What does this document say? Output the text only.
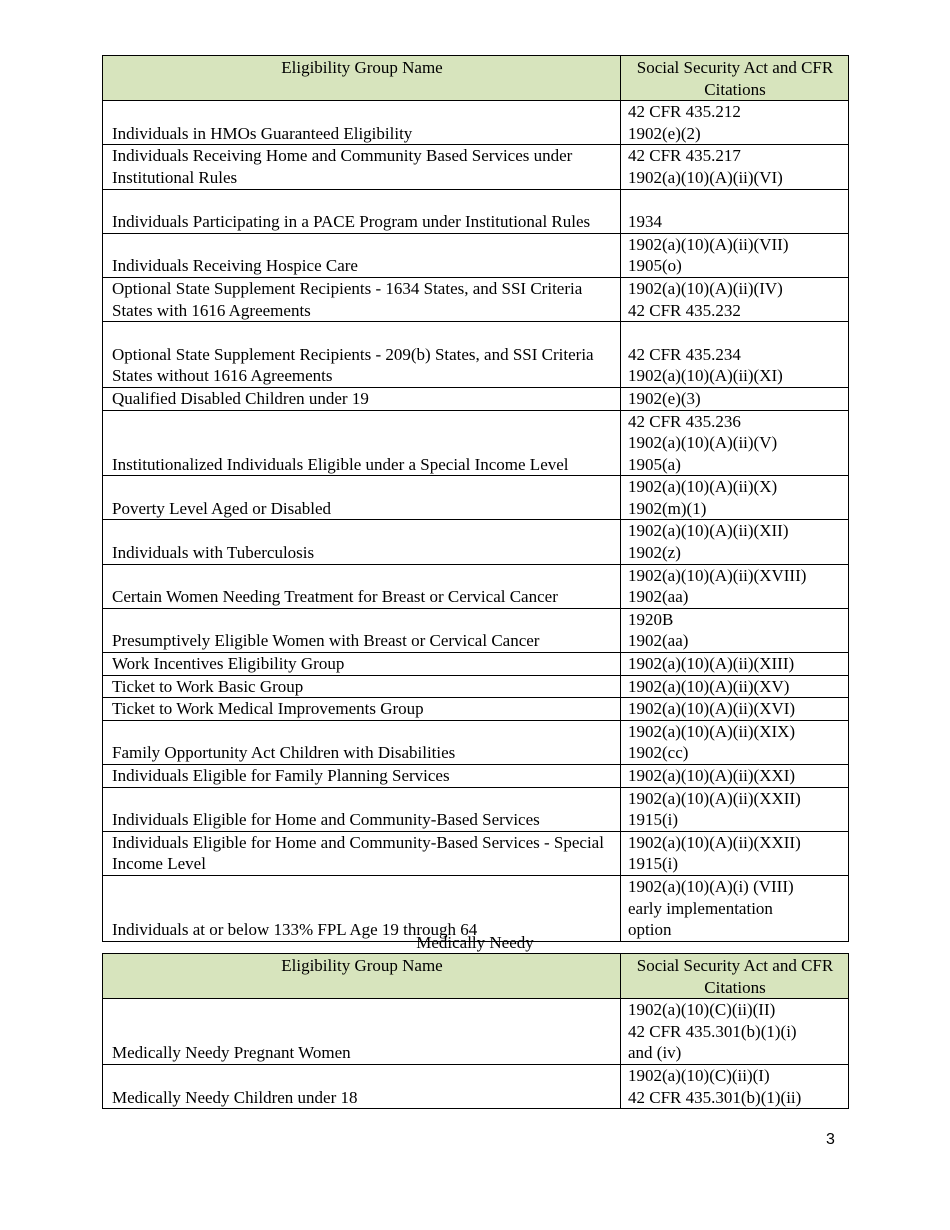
Eligibility Group Name	Social Security Act and CFR Citations
Individuals in HMOs Guaranteed Eligibility	42 CFR 435.212
1902(e)(2)

Individuals Receiving Home and Community Based Services under Institutional Rules	42 CFR 435.217
1902(a)(10)(A)(ii)(VI)

Individuals Participating in a PACE Program under Institutional Rules	1934

Individuals Receiving Hospice Care	1902(a)(10)(A)(ii)(VII)
1905(o)

Optional State Supplement Recipients - 1634 States, and SSI Criteria States with 1616 Agreements	1902(a)(10)(A)(ii)(IV)
42 CFR 435.232

Optional State Supplement Recipients - 209(b) States, and SSI Criteria States without 1616 Agreements	42 CFR 435.234
1902(a)(10)(A)(ii)(XI)

Qualified Disabled Children under 19	1902(e)(3)

Institutionalized Individuals Eligible under a Special Income Level	42 CFR 435.236
1902(a)(10)(A)(ii)(V)
1905(a)

Poverty Level Aged or Disabled	1902(a)(10)(A)(ii)(X)
1902(m)(1)

Individuals with Tuberculosis	1902(a)(10)(A)(ii)(XII)
1902(z)

Certain Women Needing Treatment for Breast or Cervical Cancer	1902(a)(10)(A)(ii)(XVIII)
1902(aa)

Presumptively Eligible Women with Breast or Cervical Cancer	1920B
1902(aa)

Work Incentives Eligibility Group	1902(a)(10)(A)(ii)(XIII)

Ticket to Work Basic Group	1902(a)(10)(A)(ii)(XV)

Ticket to Work Medical Improvements Group	1902(a)(10)(A)(ii)(XVI)

Family Opportunity Act Children with Disabilities	1902(a)(10)(A)(ii)(XIX)
1902(cc)

Individuals Eligible for Family Planning Services	1902(a)(10)(A)(ii)(XXI)

Individuals Eligible for Home and Community-Based Services	1902(a)(10)(A)(ii)(XXII)
1915(i)

Individuals Eligible for Home and Community-Based Services - Special Income Level	1902(a)(10)(A)(ii)(XXII)
1915(i)

Individuals at or below 133% FPL Age 19 through 64	1902(a)(10)(A)(i) (VIII)
early implementation
option
Medically Needy
Eligibility Group Name	Social Security Act and CFR Citations
Medically Needy Pregnant Women	1902(a)(10)(C)(ii)(II)
42 CFR 435.301(b)(1)(i)
and (iv)

Medically Needy Children under 18	1902(a)(10)(C)(ii)(I)
42 CFR 435.301(b)(1)(ii)
3
